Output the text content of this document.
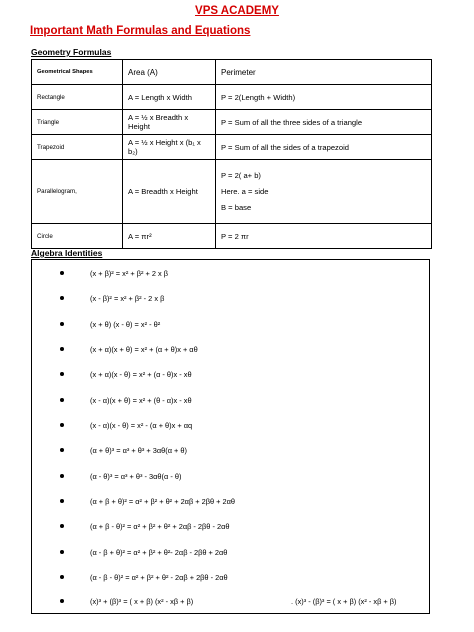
VPS ACADEMY
Important Math Formulas and Equations
Geometry Formulas
Geometrical Shapes	Area (A)	Perimeter
Rectangle	A = Length x Width	P = 2(Length + Width)
Triangle	A = ½ x Breadth x Height	P = Sum of all the three sides of a triangle
Trapezoid	A = ½ x Height x (b₁ x b₂)	P = Sum of all the sides of a trapezoid
Parallelogram,	A = Breadth x Height	P = 2( a+ b)
Here. a = side
B = base

Circle	A = πr²	P = 2 πr
Algebra Identities
(x + β)² = x² + β² + 2 x β
(x - β)² = x² + β² - 2 x β
(x + θ) (x - θ) = x² - θ²
(x + α)(x + θ) = x² + (α + θ)x + αθ
(x + α)(x - θ) = x² + (α - θ)x - xθ
(x - α)(x + θ) = x² + (θ - α)x - xθ
(x - α)(x - θ) = x² - (α + θ)x + αq
(α + θ)³ = α³ + θ³ + 3αθ(α + θ)
(α - θ)³ = α³ + θ³ - 3αθ(α - θ)
(α + β + θ)² = α² + β² + θ² + 2αβ + 2βθ + 2αθ
(α + β - θ)² = α² + β² + θ² + 2αβ - 2βθ - 2αθ
(α - β + θ)² = α² + β² + θ²- 2αβ - 2βθ + 2αθ
(α - β - θ)² = α² + β² + θ² - 2αβ + 2βθ - 2αθ
(x)³ + (β)³ = ( x + β) (x² - xβ + β)	. (x)³ - (β)³ = ( x + β) (x² - xβ + β)
